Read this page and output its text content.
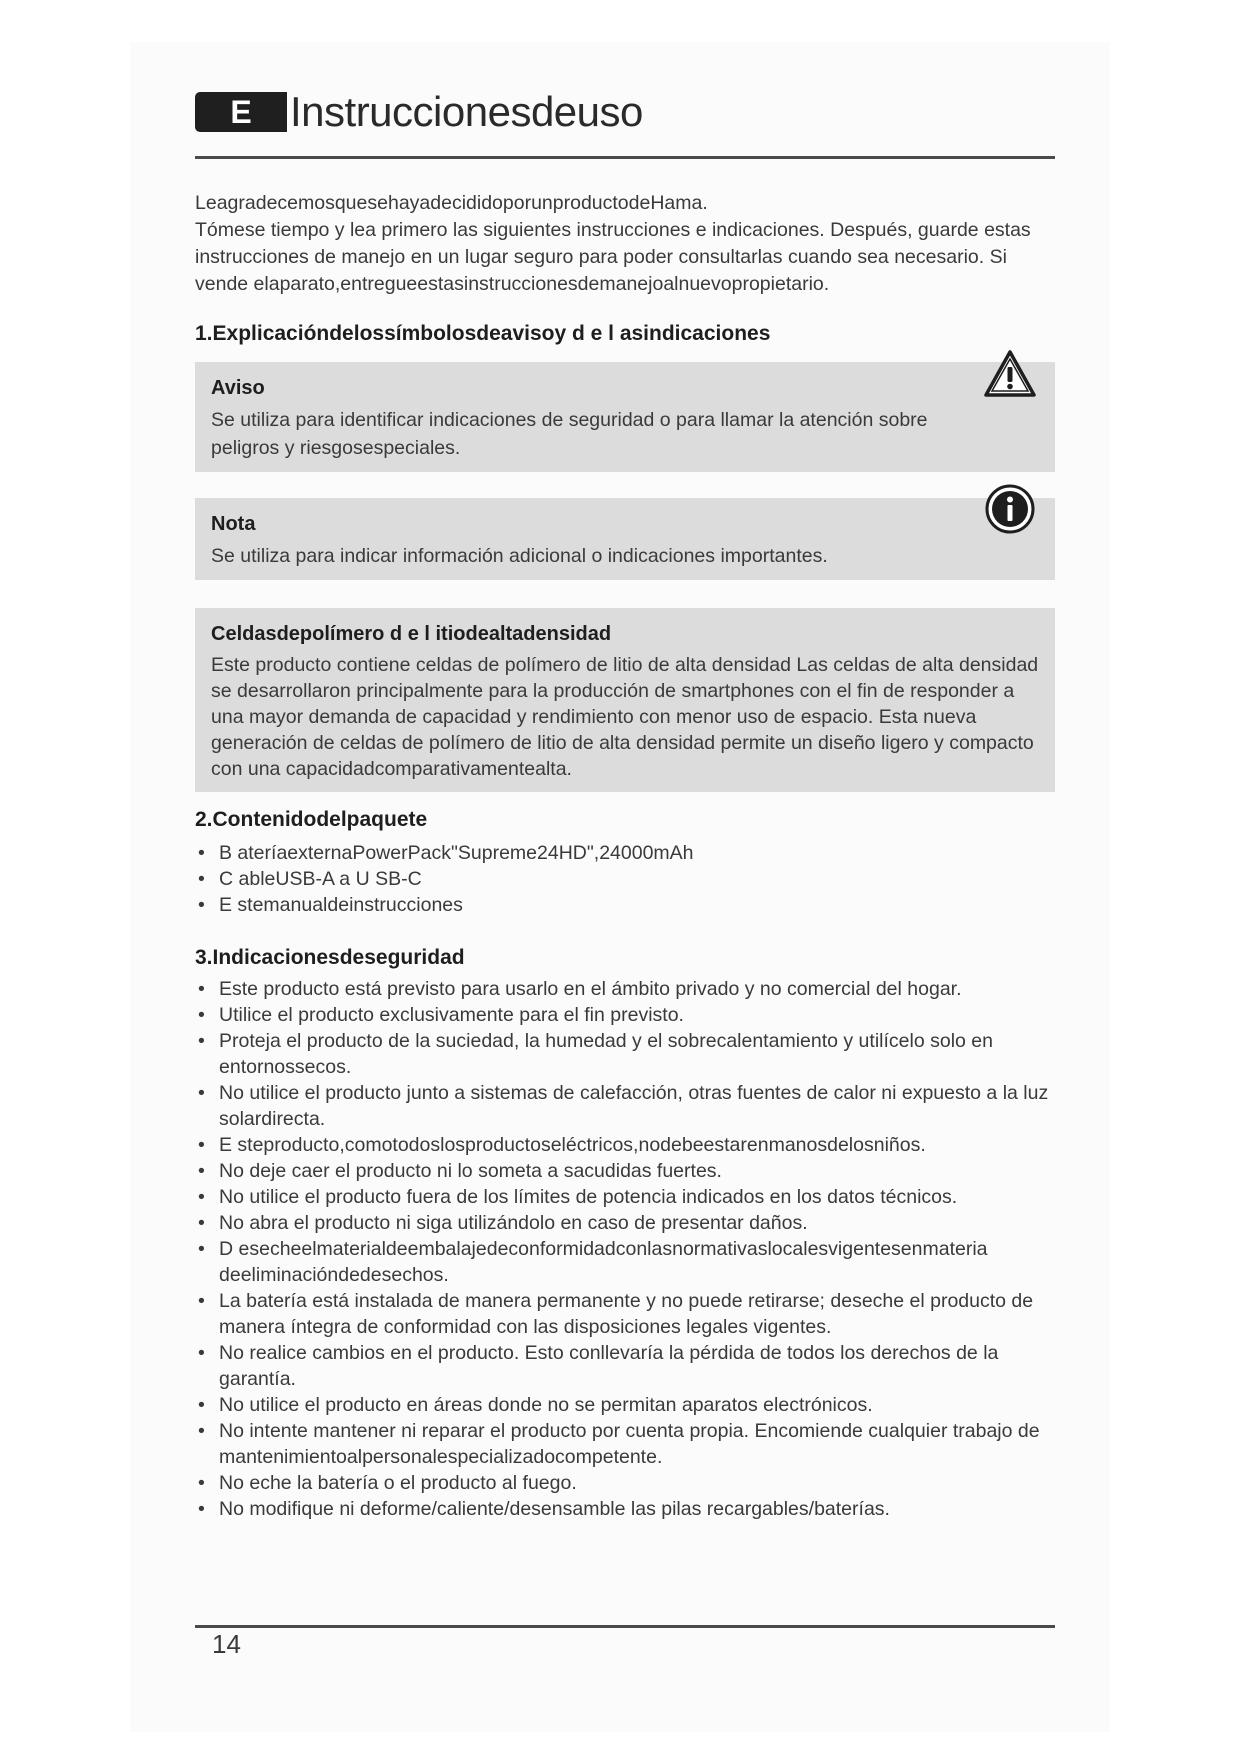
E Instruccionesdeuso

LeagradecemosquesehayadecididoporunproductodeHama.

Tómese tiempo y lea primero las siguientes instrucciones e indicaciones. Después, guarde estas instrucciones de manejo en un lugar seguro para poder consultarlas cuando sea necesario. Si vende elaparato,entregueestasinstruccionesdemanejoalnuevopropietario.

1.Explicacióndelossímbolosdeavisoy d e l asindicaciones
Aviso

Se utiliza para identificar indicaciones de seguridad o para llamar la atención sobre peligros y riesgosespeciales.

Nota

Se utiliza para indicar información adicional o indicaciones importantes.

Celdasdepolímero d e l itiodealtadensidad

Este producto contiene celdas de polímero de litio de alta densidad Las celdas de alta densidad se desarrollaron principalmente para la producción de smartphones con el fin de responder a una mayor demanda de capacidad y rendimiento con menor uso de espacio. Esta nueva generación de celdas de polímero de litio de alta densidad permite un diseño ligero y compacto con una capacidadcomparativamentealta.

2.Contenidodelpaquete
• B ateríaexternaPowerPack"Supreme24HD",24000mAh
• C ableUSB-A a U SB-C
• E stemanualdeinstrucciones
3.Indicacionesdeseguridad
• Este producto está previsto para usarlo en el ámbito privado y no comercial del hogar.
• Utilice el producto exclusivamente para el fin previsto.
• Proteja el producto de la suciedad, la humedad y el sobrecalentamiento y utilícelo solo en entornossecos.
• No utilice el producto junto a sistemas de calefacción, otras fuentes de calor ni expuesto a la luz solardirecta.
• E steproducto,comotodoslosproductoseléctricos,nodebeestarenmanosdelosniños.
• No deje caer el producto ni lo someta a sacudidas fuertes.
• No utilice el producto fuera de los límites de potencia indicados en los datos técnicos.
• No abra el producto ni siga utilizándolo en caso de presentar daños.
• D esecheelmaterialdeembalajedeconformidadconlasnormativaslocalesvigentesenmateria deeliminacióndedesechos.
• La batería está instalada de manera permanente y no puede retirarse; deseche el producto de manera íntegra de conformidad con las disposiciones legales vigentes.
• No realice cambios en el producto. Esto conllevaría la pérdida de todos los derechos de la garantía.
• No utilice el producto en áreas donde no se permitan aparatos electrónicos.
• No intente mantener ni reparar el producto por cuenta propia. Encomiende cualquier trabajo de mantenimientoalpersonalespecializadocompetente.
• No eche la batería o el producto al fuego.
• No modifique ni deforme/caliente/desensamble las pilas recargables/baterías.
14
